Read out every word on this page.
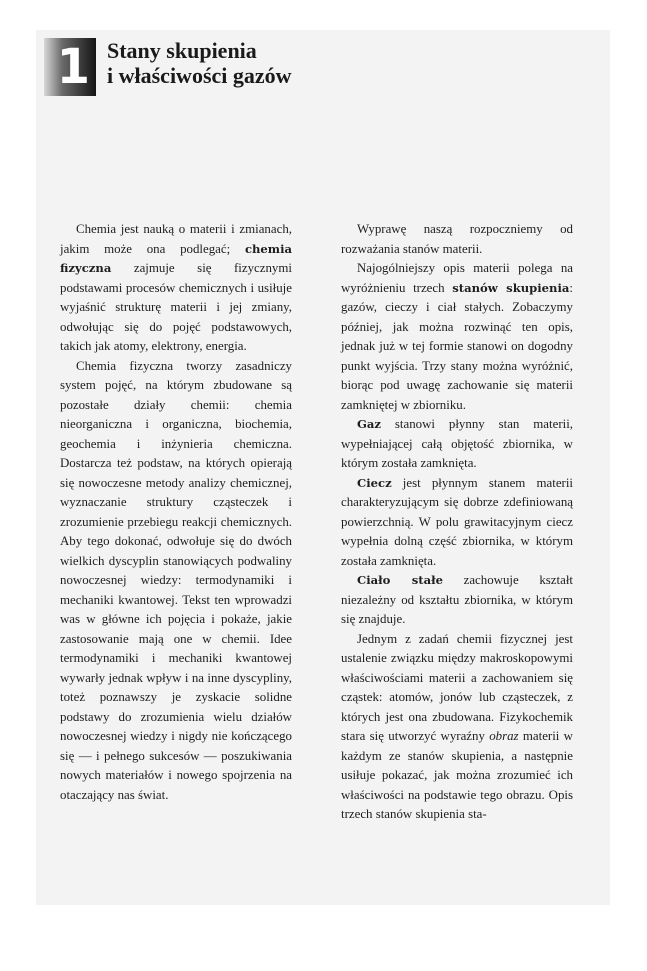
1 Stany skupienia
i właściwości gazów

Chemia jest nauką o materii i zmianach, jakim może ona podlegać; chemia fizyczna zajmuje się fizycznymi podstawami procesów chemicznych i usiłuje wyjaśnić strukturę materii i jej zmiany, odwołując się do pojęć podstawowych, takich jak atomy, elektrony, energia.

Chemia fizyczna tworzy zasadniczy system pojęć, na którym zbudowane są pozostałe działy chemii: chemia nieorganiczna i organiczna, biochemia, geochemia i inżynieria chemiczna. Dostarcza też podstaw, na których opierają się nowoczesne metody analizy chemicznej, wyznaczanie struktury cząsteczek i zrozumienie przebiegu reakcji chemicznych. Aby tego dokonać, odwołuje się do dwóch wielkich dyscyplin stanowiących podwaliny nowoczesnej wiedzy: termodynamiki i mechaniki kwantowej. Tekst ten wprowadzi was w główne ich pojęcia i pokaże, jakie zastosowanie mają one w chemii. Idee termodynamiki i mechaniki kwantowej wywarły jednak wpływ i na inne dyscypliny, toteż poznawszy je zyskacie solidne podstawy do zrozumienia wielu działów nowoczesnej wiedzy i nigdy nie kończącego się — i pełnego sukcesów — poszukiwania nowych materiałów i nowego spojrzenia na otaczający nas świat.

Wyprawę naszą rozpoczniemy od rozważania stanów materii.

Najogólniejszy opis materii polega na wyróżnieniu trzech stanów skupienia: gazów, cieczy i ciał stałych. Zobaczymy później, jak można rozwinąć ten opis, jednak już w tej formie stanowi on dogodny punkt wyjścia. Trzy stany można wyróżnić, biorąc pod uwagę zachowanie się materii zamkniętej w zbiorniku.

Gaz stanowi płynny stan materii, wypełniającej całą objętość zbiornika, w którym została zamknięta.

Ciecz jest płynnym stanem materii charakteryzującym się dobrze zdefiniowaną powierzchnią. W polu grawitacyjnym ciecz wypełnia dolną część zbiornika, w którym została zamknięta.

Ciało stałe zachowuje kształt niezależny od kształtu zbiornika, w którym się znajduje.

Jednym z zadań chemii fizycznej jest ustalenie związku między makroskopowymi właściwościami materii a zachowaniem się cząstek: atomów, jonów lub cząsteczek, z których jest ona zbudowana. Fizykochemik stara się utworzyć wyraźny obraz materii w każdym ze stanów skupienia, a następnie usiłuje pokazać, jak można zrozumieć ich właściwości na podstawie tego obrazu. Opis trzech stanów skupienia sta-
